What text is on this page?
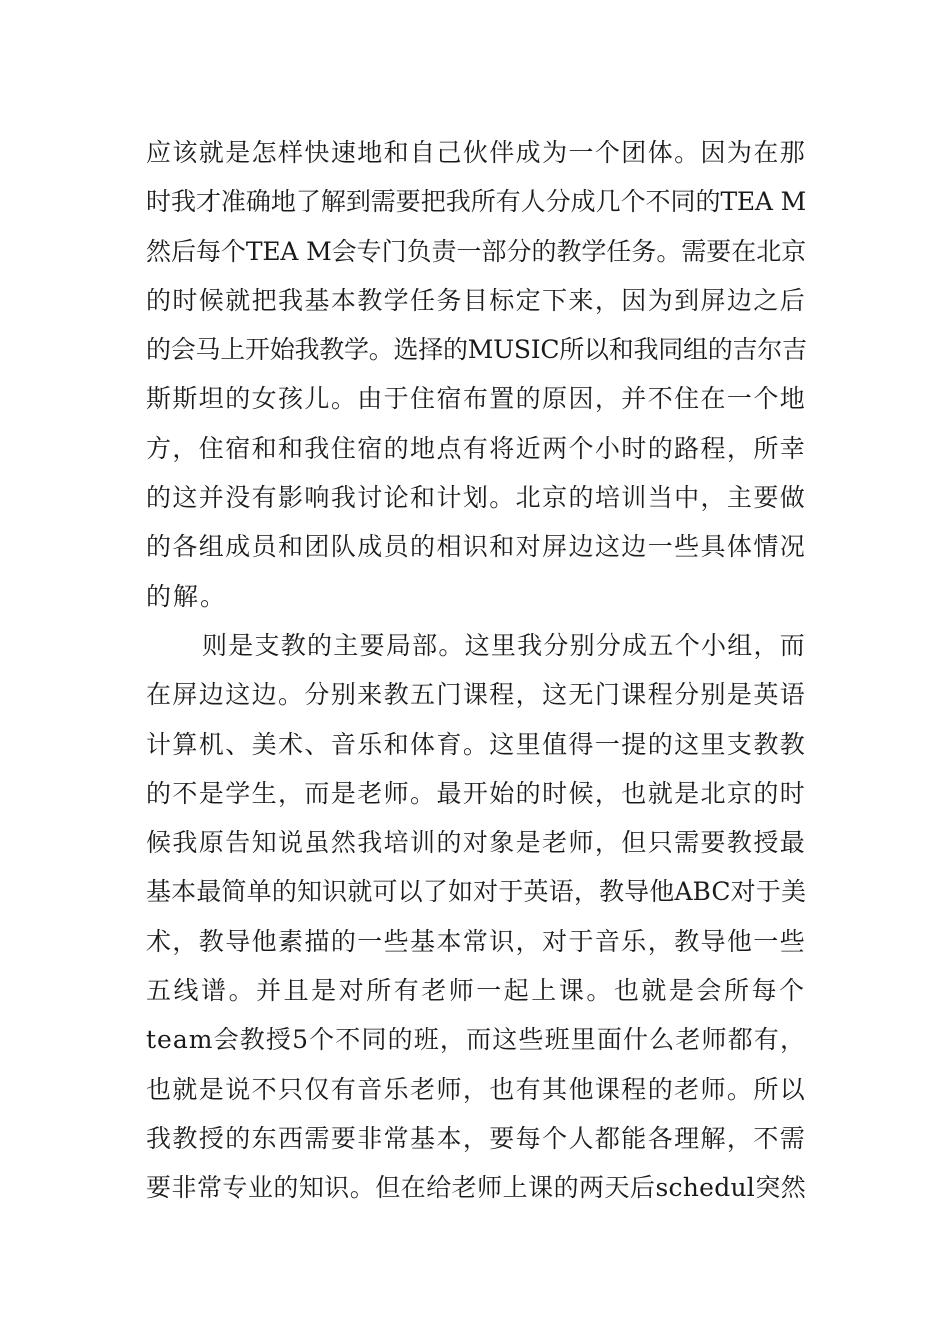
应该就是怎样快速地和自己伙伴成为一个团体。因为在那
时我才准确地了解到需要把我所有人分成几个不同的TEA M
然后每个TEA M会专门负责一部分的教学任务。需要在北京
的时候就把我基本教学任务目标定下来，因为到屏边之后
的会马上开始我教学。选择的MUSIC所以和我同组的吉尔吉
斯斯坦的女孩儿。由于住宿布置的原因，并不住在一个地
方，住宿和和我住宿的地点有将近两个小时的路程，所幸
的这并没有影响我讨论和计划。北京的培训当中，主要做
的各组成员和团队成员的相识和对屏边这边一些具体情况
的解。
则是支教的主要局部。这里我分别分成五个小组，而
在屏边这边。分别来教五门课程，这无门课程分别是英语
计算机、美术、音乐和体育。这里值得一提的这里支教教
的不是学生，而是老师。最开始的时候，也就是北京的时
候我原告知说虽然我培训的对象是老师，但只需要教授最
基本最简单的知识就可以了如对于英语，教导他ABC对于美
术，教导他素描的一些基本常识，对于音乐，教导他一些
五线谱。并且是对所有老师一起上课。也就是会所每个
team会教授5个不同的班，而这些班里面什么老师都有，
也就是说不只仅有音乐老师，也有其他课程的老师。所以
我教授的东西需要非常基本，要每个人都能各理解，不需
要非常专业的知识。但在给老师上课的两天后schedul突然
